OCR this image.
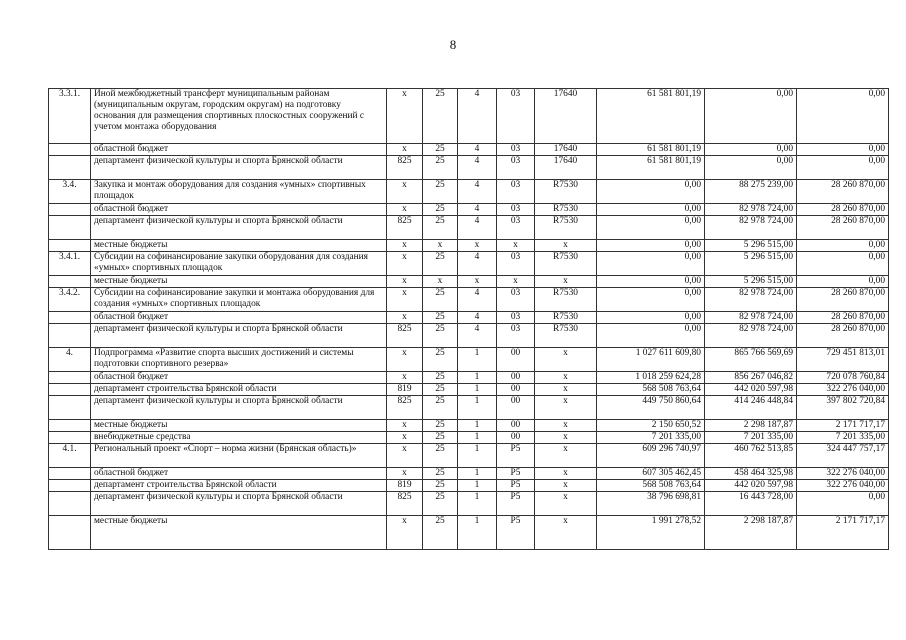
8
3.3.1.	Иной межбюджетный трансферт муниципальным районам (муниципальным округам, городским округам) на подготовку основания для размещения спортивных плоскостных сооружений с учетом монтажа оборудования	х	25	4	03	17640	61 581 801,19	0,00	0,00
	областной бюджет	х	25	4	03	17640	61 581 801,19	0,00	0,00
	департамент физической культуры и спорта Брянской области	825	25	4	03	17640	61 581 801,19	0,00	0,00
3.4.	Закупка и монтаж оборудования для создания «умных» спортивных площадок	х	25	4	03	R7530	0,00	88 275 239,00	28 260 870,00
	областной бюджет	х	25	4	03	R7530	0,00	82 978 724,00	28 260 870,00
	департамент физической культуры и спорта Брянской области	825	25	4	03	R7530	0,00	82 978 724,00	28 260 870,00
	местные бюджеты	х	х	х	х	х	0,00	5 296 515,00	0,00
3.4.1.	Субсидии на софинансирование закупки оборудования для создания «умных» спортивных площадок	х	25	4	03	R7530	0,00	5 296 515,00	0,00
	местные бюджеты	х	х	х	х	х	0,00	5 296 515,00	0,00
3.4.2.	Субсидии на софинансирование закупки и монтажа оборудования для создания «умных» спортивных площадок	х	25	4	03	R7530	0,00	82 978 724,00	28 260 870,00
	областной бюджет	х	25	4	03	R7530	0,00	82 978 724,00	28 260 870,00
	департамент физической культуры и спорта Брянской области	825	25	4	03	R7530	0,00	82 978 724,00	28 260 870,00
4.	Подпрограмма «Развитие спорта высших достижений и системы подготовки спортивного резерва»	х	25	1	00	х	1 027 611 609,80	865 766 569,69	729 451 813,01
	областной бюджет	х	25	1	00	х	1 018 259 624,28	856 267 046,82	720 078 760,84
	департамент строительства Брянской области	819	25	1	00	х	568 508 763,64	442 020 597,98	322 276 040,00
	департамент физической культуры и спорта Брянской области	825	25	1	00	х	449 750 860,64	414 246 448,84	397 802 720,84
	местные бюджеты	х	25	1	00	х	2 150 650,52	2 298 187,87	2 171 717,17
	внебюджетные средства	х	25	1	00	х	7 201 335,00	7 201 335,00	7 201 335,00
4.1.	Региональный проект «Спорт – норма жизни (Брянская область)»	х	25	1	Р5	х	609 296 740,97	460 762 513,85	324 447 757,17
	областной бюджет	х	25	1	Р5	х	607 305 462,45	458 464 325,98	322 276 040,00
	департамент строительства Брянской области	819	25	1	Р5	х	568 508 763,64	442 020 597,98	322 276 040,00
	департамент физической культуры и спорта Брянской области	825	25	1	Р5	х	38 796 698,81	16 443 728,00	0,00
	местные бюджеты	х	25	1	Р5	х	1 991 278,52	2 298 187,87	2 171 717,17
